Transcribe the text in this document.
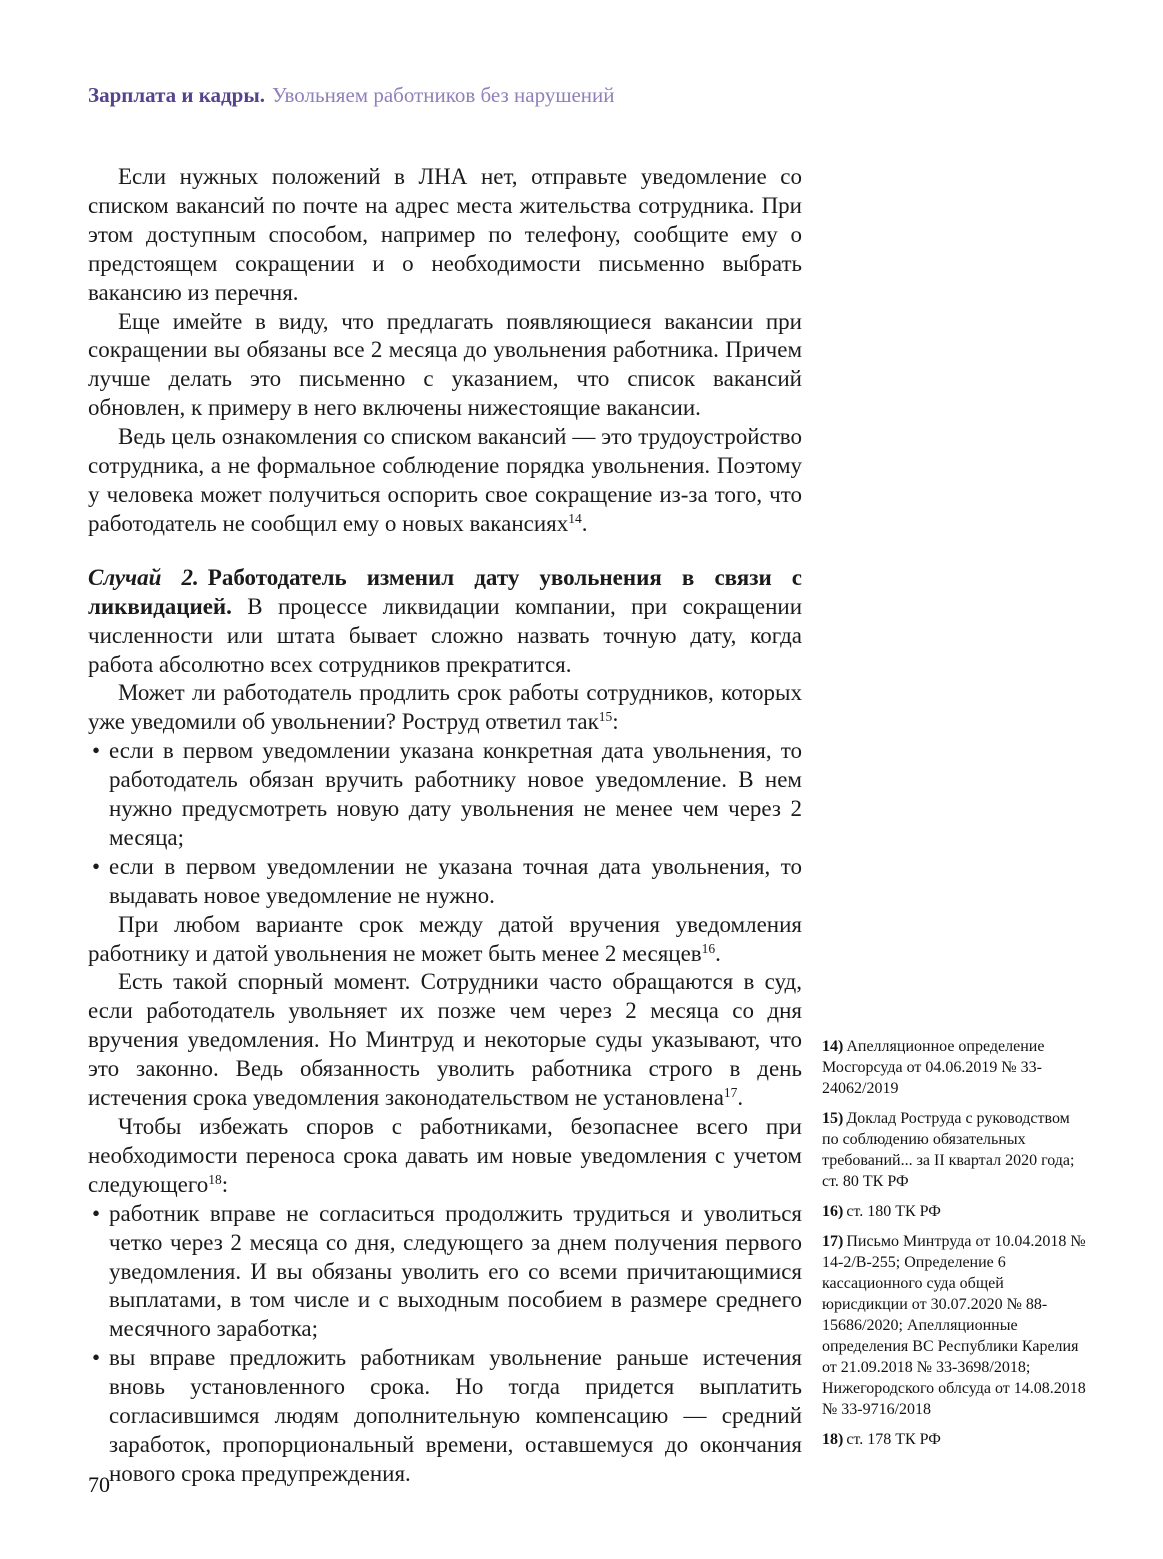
Зарплата и кадры. Увольняем работников без нарушений

Если нужных положений в ЛНА нет, отправьте уведомление со списком вакансий по почте на адрес места жительства сотрудника. При этом доступным способом, например по телефону, сообщите ему о предстоящем сокращении и о необходимости письменно выбрать вакансию из перечня.

Еще имейте в виду, что предлагать появляющиеся вакансии при сокращении вы обязаны все 2 месяца до увольнения работника. Причем лучше делать это письменно с указанием, что список вакансий обновлен, к примеру в него включены нижестоящие вакансии.

Ведь цель ознакомления со списком вакансий — это трудоустройство сотрудника, а не формальное соблюдение порядка увольнения. Поэтому у человека может получиться оспорить свое сокращение из-за того, что работодатель не сообщил ему о новых вакансиях$^{14}$.

Случай 2. Работодатель изменил дату увольнения в связи с ликвидацией. В процессе ликвидации компании, при сокращении численности или штата бывает сложно назвать точную дату, когда работа абсолютно всех сотрудников прекратится.

Может ли работодатель продлить срок работы сотрудников, которых уже уведомили об увольнении? Роструд ответил так$^{15}$:

• если в первом уведомлении указана конкретная дата увольнения, то работодатель обязан вручить работнику новое уведомление. В нем нужно предусмотреть новую дату увольнения не менее чем через 2 месяца;
• если в первом уведомлении не указана точная дата увольнения, то выдавать новое уведомление не нужно.

При любом варианте срок между датой вручения уведомления работнику и датой увольнения не может быть менее 2 месяцев$^{16}$.

Есть такой спорный момент. Сотрудники часто обращаются в суд, если работодатель увольняет их позже чем через 2 месяца со дня вручения уведомления. Но Минтруд и некоторые суды указывают, что это законно. Ведь обязанность уволить работника строго в день истечения срока уведомления законодательством не установлена$^{17}$.

Чтобы избежать споров с работниками, безопаснее всего при необходимости переноса срока давать им новые уведомления с учетом следующего$^{18}$:

• работник вправе не согласиться продолжить трудиться и уволиться четко через 2 месяца со дня, следующего за днем получения первого уведомления. И вы обязаны уволить его со всеми причитающимися выплатами, в том числе и с выходным пособием в размере среднего месячного заработка;
• вы вправе предложить работникам увольнение раньше истечения вновь установленного срока. Но тогда придется выплатить согласившимся людям дополнительную компенсацию — средний заработок, пропорциональный времени, оставшемуся до окончания нового срока предупреждения.

14) Апелляционное определение Мосгорсуда от 04.06.2019 № 33-24062/2019

15) Доклад Роструда с руководством по соблюдению обязательных требований... за II квартал 2020 года; ст. 80 ТК РФ

16) ст. 180 ТК РФ

17) Письмо Минтруда от 10.04.2018 № 14-2/В-255; Определение 6 кассационного суда общей юрисдикции от 30.07.2020 № 88-15686/2020; Апелляционные определения ВС Республики Карелия от 21.09.2018 № 33-3698/2018; Нижегородского облсуда от 14.08.2018 № 33-9716/2018

18) ст. 178 ТК РФ

70
